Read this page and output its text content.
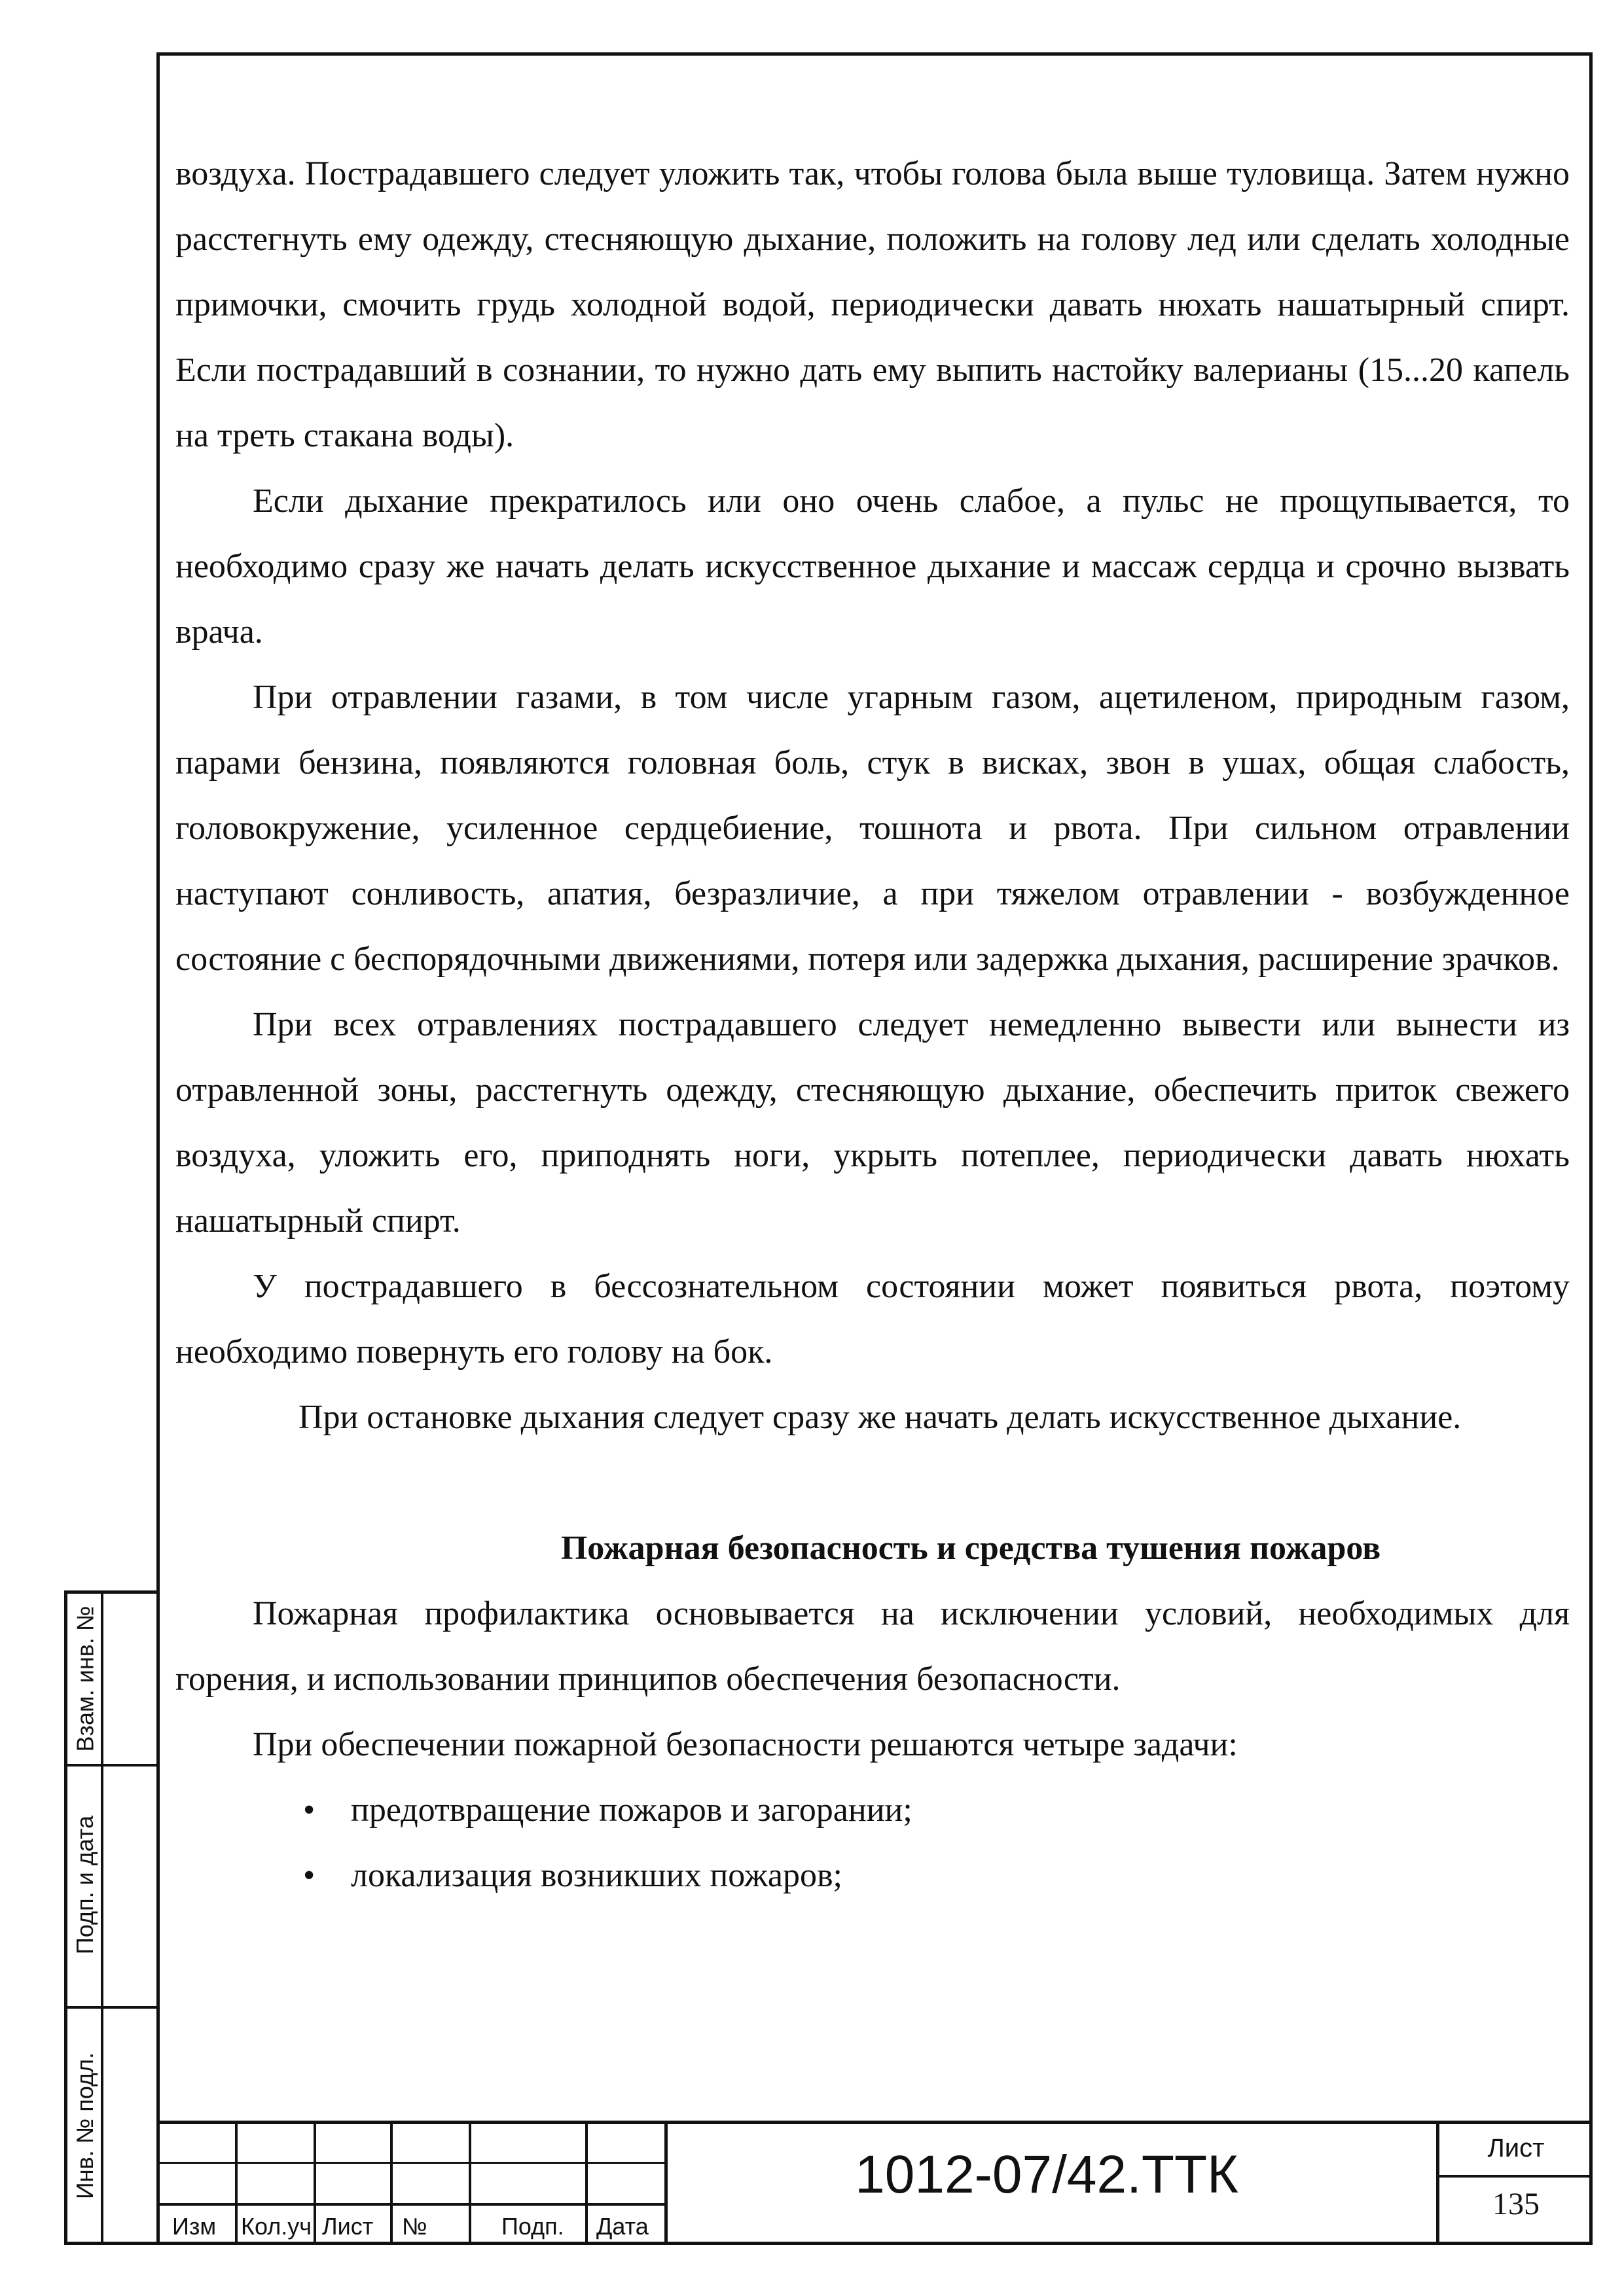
воздуха. Пострадавшего следует уложить так, чтобы голова была выше туловища. Затем нужно расстегнуть ему одежду, стесняющую дыхание, положить на голову лед или сделать холодные примочки, смочить грудь холодной водой, периодически давать нюхать нашатырный спирт. Если пострадавший в сознании, то нужно дать ему выпить настойку валерианы (15...20 капель на треть стакана воды).

Если дыхание прекратилось или оно очень слабое, а пульс не прощупывается, то необходимо сразу же начать делать искусственное дыхание и массаж сердца и срочно вызвать врача.

При отравлении газами, в том числе угарным газом, ацетиленом, природным газом, парами бензина, появляются головная боль, стук в висках, звон в ушах, общая слабость, головокружение, усиленное сердцебиение, тошнота и рвота. При сильном отравлении наступают сонливость, апатия, безразличие, а при тяжелом отравлении - возбужденное состояние с беспорядочными движениями, потеря или задержка дыхания, расширение зрачков.

При всех отравлениях пострадавшего следует немедленно вывести или вынести из отравленной зоны, расстегнуть одежду, стесняющую дыхание, обеспечить приток свежего воздуха, уложить его, приподнять ноги, укрыть потеплее, периодически давать нюхать нашатырный спирт.

У пострадавшего в бессознательном состоянии может появиться рвота, поэтому необходимо повернуть его голову на бок.

При остановке дыхания следует сразу же начать делать искусственное дыхание.

Пожарная безопасность и средства тушения пожаров

Пожарная профилактика основывается на исключении условий, необходимых для горения, и использовании принципов обеспечения безопасности.

При обеспечении пожарной безопасности решаются четыре задачи:

• предотвращение пожаров и загорании;
• локализация возникших пожаров;
Взам. инв. №
Подп. и дата
Инв. № подл.
Изм Кол.уч Лист №	Подп. Дата
1012-07/42.ТТК	Лист
135
